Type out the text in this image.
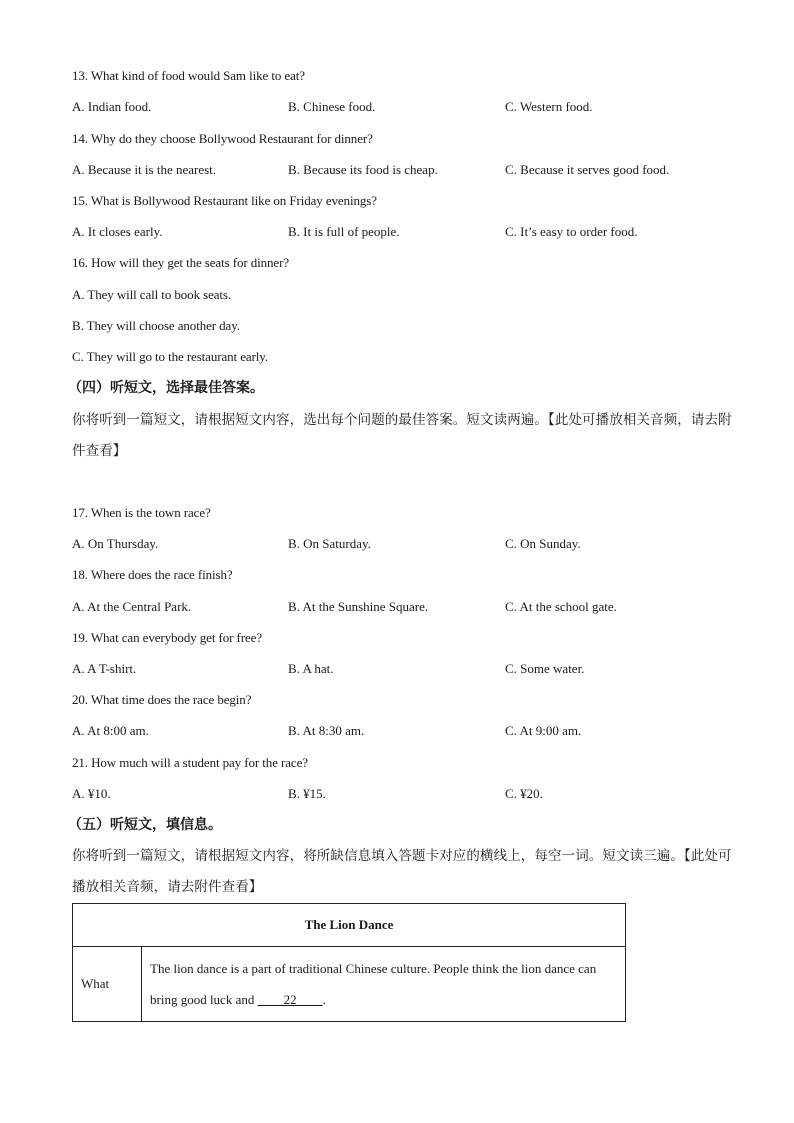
13. What kind of food would Sam like to eat?
A. Indian food.	B. Chinese food.	C. Western food.
14. Why do they choose Bollywood Restaurant for dinner?
A. Because it is the nearest.	B. Because its food is cheap.	C. Because it serves good food.
15. What is Bollywood Restaurant like on Friday evenings?
A. It closes early.	B. It is full of people.	C. It’s easy to order food.
16. How will they get the seats for dinner?
A. They will call to book seats.
B. They will choose another day.
C. They will go to the restaurant early.
（四）听短文，选择最佳答案。
你将听到一篇短文，请根据短文内容，选出每个问题的最佳答案。短文读两遍。【此处可播放相关音频，请去附件查看】
17. When is the town race?
A. On Thursday.	B. On Saturday.	C. On Sunday.
18. Where does the race finish?
A. At the Central Park.	B. At the Sunshine Square.	C. At the school gate.
19. What can everybody get for free?
A. A T-shirt.	B. A hat.	C. Some water.
20. What time does the race begin?
A. At 8:00 am.	B. At 8:30 am.	C. At 9:00 am.
21. How much will a student pay for the race?
A. ¥10.	B. ¥15.	C. ¥20.
（五）听短文，填信息。
你将听到一篇短文，请根据短文内容，将所缺信息填入答题卡对应的横线上，每空一词。短文读三遍。【此处可播放相关音频，请去附件查看】
The Lion Dance
What	The lion dance is a part of traditional Chinese culture. People think the lion dance can bring good luck and ____22____.
